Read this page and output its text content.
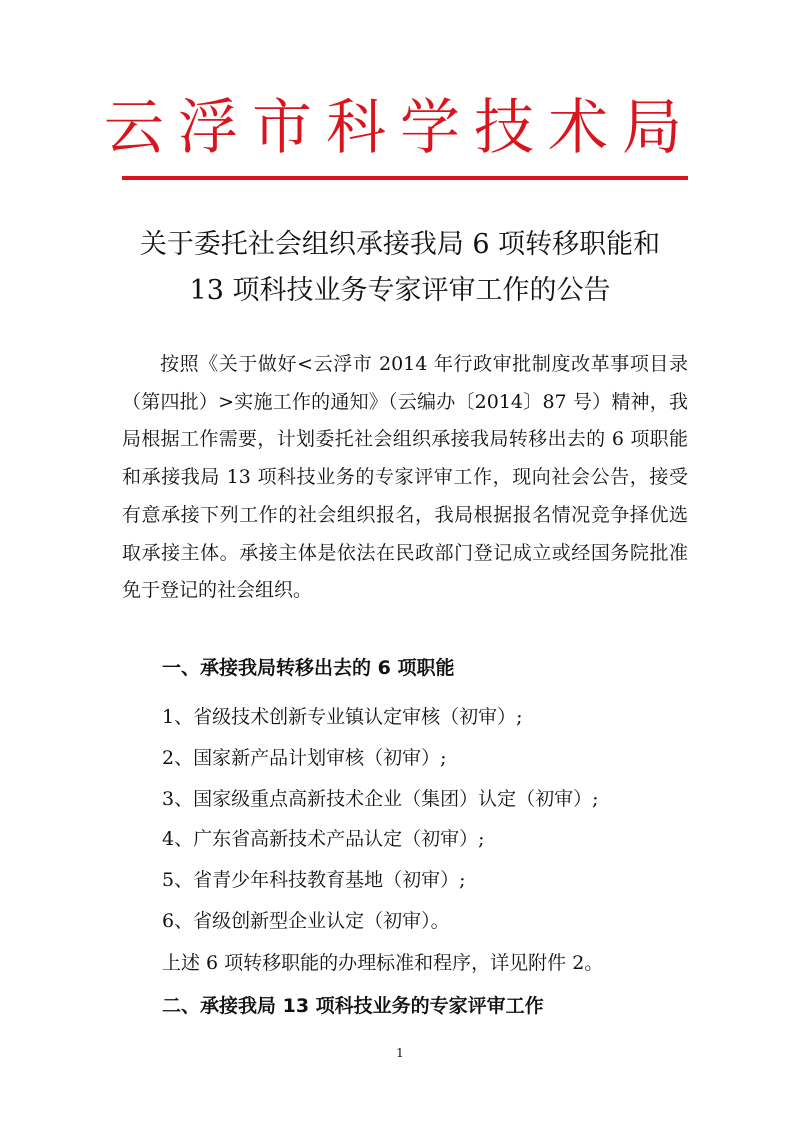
云浮市科学技术局
关于委托社会组织承接我局 6 项转移职能和
13 项科技业务专家评审工作的公告

按照《关于做好<云浮市 2014 年行政审批制度改革事项目录（第四批）>实施工作的通知》（云编办〔2014〕87 号）精神，我局根据工作需要，计划委托社会组织承接我局转移出去的 6 项职能和承接我局 13 项科技业务的专家评审工作，现向社会公告，接受有意承接下列工作的社会组织报名，我局根据报名情况竞争择优选取承接主体。承接主体是依法在民政部门登记成立或经国务院批准免于登记的社会组织。

一、承接我局转移出去的 6 项职能
1、省级技术创新专业镇认定审核（初审）;
2、国家新产品计划审核（初审）;
3、国家级重点高新技术企业（集团）认定（初审）;
4、广东省高新技术产品认定（初审）;
5、省青少年科技教育基地（初审）;
6、省级创新型企业认定（初审）。
上述 6 项转移职能的办理标准和程序，详见附件 2。
二、承接我局 13 项科技业务的专家评审工作
1
